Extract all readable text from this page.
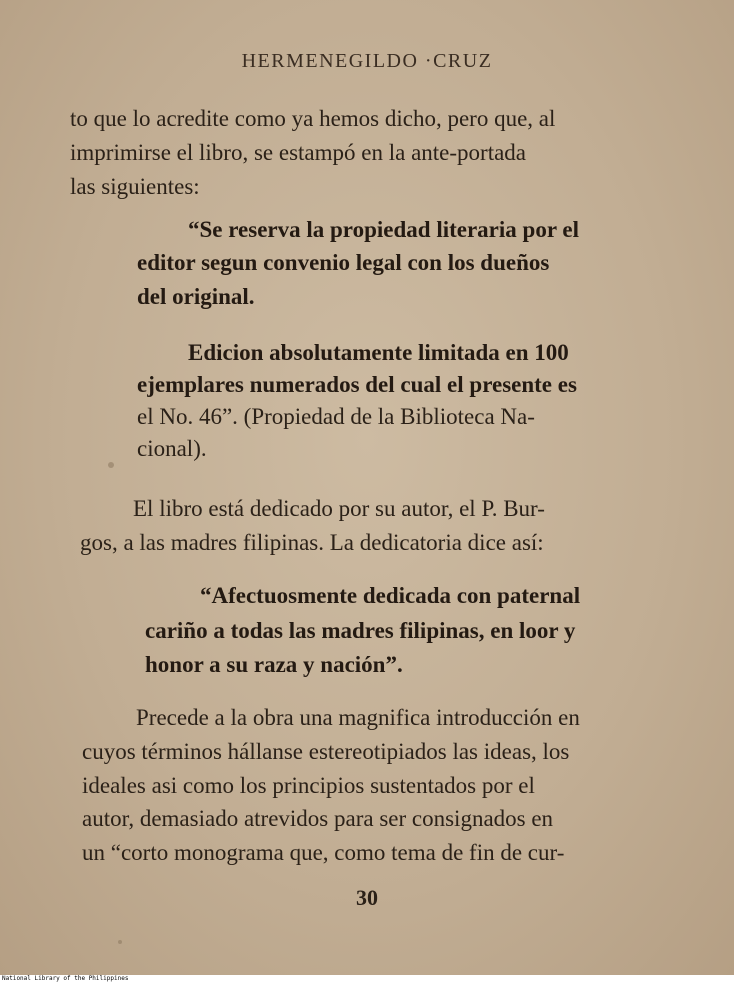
HERMENEGILDO ·CRUZ
to que lo acredite como ya hemos dicho, pero que, al
imprimirse el libro, se estampó en la ante-portada
las siguientes:
“Se reserva la propiedad literaria por el
editor segun convenio legal con los dueños
del original.
Edicion absolutamente limitada en 100
ejemplares numerados del cual el presente es
el No. 46”. (Propiedad de la Biblioteca Na-
cional).
El libro está dedicado por su autor, el P. Bur-
gos, a las madres filipinas. La dedicatoria dice así:
“Afectuosmente dedicada con paternal
cariño a todas las madres filipinas, en loor y
honor a su raza y nación”.
Precede a la obra una magnifica introducción en
cuyos términos hállanse estereotipiados las ideas, los
ideales asi como los principios sustentados por el
autor, demasiado atrevidos para ser consignados en
un “corto monograma que, como tema de fin de cur-
30
National Library of the Philippines
